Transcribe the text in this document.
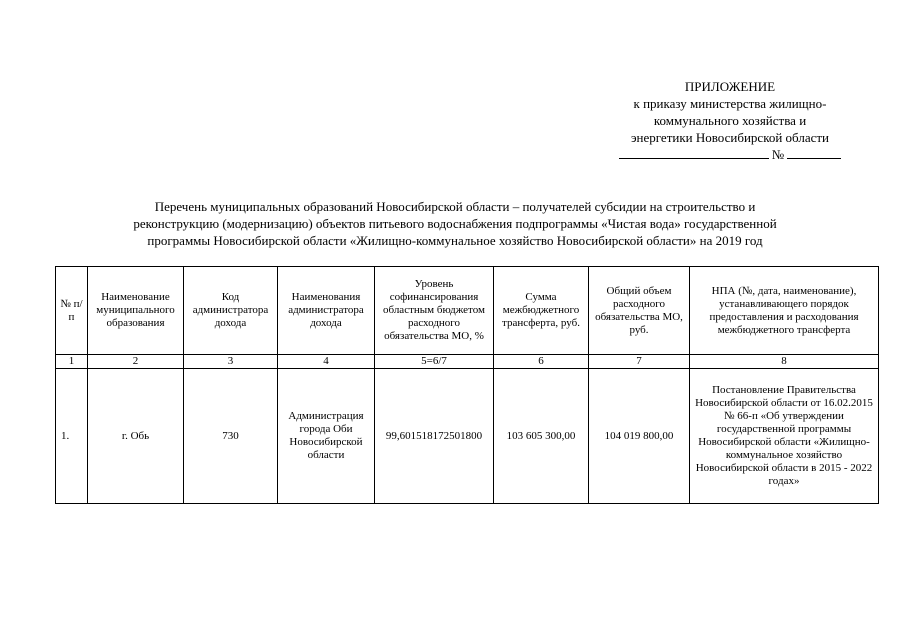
ПРИЛОЖЕНИЕ
к приказу министерства жилищно-
коммунального хозяйства и
энергетики Новосибирской области
№
Перечень муниципальных образований Новосибирской области – получателей субсидии на строительство и
реконструкцию (модернизацию) объектов питьевого водоснабжения подпрограммы «Чистая вода» государственной
программы Новосибирской области «Жилищно-коммунальное хозяйство Новосибирской области» на 2019 год
№ п/п	Наименование муниципального образования	Код администратора дохода	Наименования администратора дохода	Уровень софинансирования областным бюджетом расходного обязательства МО, %	Сумма межбюджетного трансферта, руб.	Общий объем расходного обязательства МО, руб.	НПА (№, дата, наименование), устанавливающего порядок предоставления и расходования межбюджетного трансферта
1	2	3	4	5=6/7	6	7	8
1.	г. Обь	730	Администрация города Оби Новосибирской области	99,601518172501800	103 605 300,00	104 019 800,00	Постановление Правительства Новосибирской области от 16.02.2015 № 66-п «Об утверждении государственной программы Новосибирской области «Жилищно-коммунальное хозяйство Новосибирской области в 2015 - 2022 годах»
